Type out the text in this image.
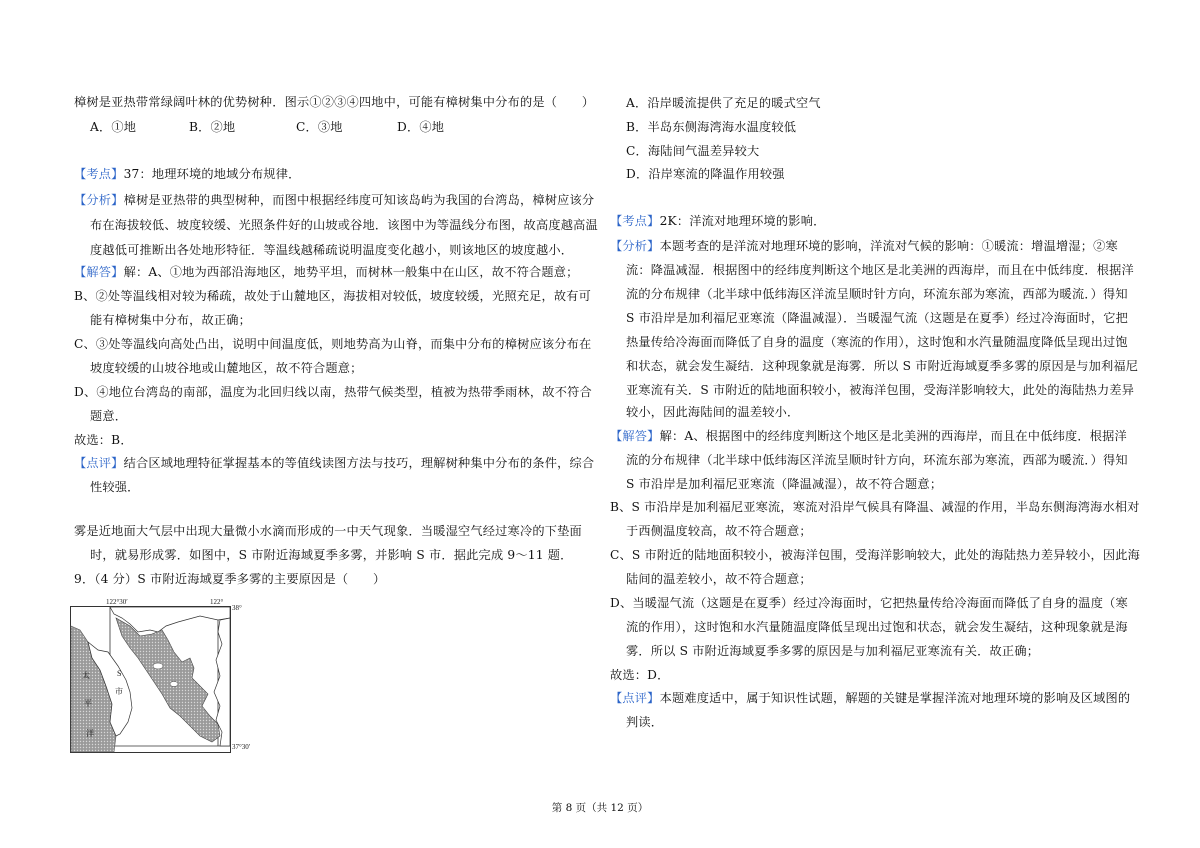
樟树是亚热带常绿阔叶林的优势树种．图示①②③④四地中，可能有樟树集中分布的是（　　）
A．①地	B．②地	C．③地	D．④地
【考点】37：地理环境的地域分布规律．
【分析】樟树是亚热带的典型树种，而图中根据经纬度可知该岛屿为我国的台湾岛，樟树应该分
布在海拔较低、坡度较缓、光照条件好的山坡或谷地．该图中为等温线分布图，故高度越高温
度越低可推断出各处地形特征．等温线越稀疏说明温度变化越小，则该地区的坡度越小．
【解答】解：A、①地为西部沿海地区，地势平坦，而树林一般集中在山区，故不符合题意；
B、②处等温线相对较为稀疏，故处于山麓地区，海拔相对较低，坡度较缓，光照充足，故有可
能有樟树集中分布，故正确；
C、③处等温线向高处凸出，说明中间温度低，则地势高为山脊，而集中分布的樟树应该分布在
坡度较缓的山坡谷地或山麓地区，故不符合题意；
D、④地位台湾岛的南部，温度为北回归线以南，热带气候类型，植被为热带季雨林，故不符合
题意．
故选：B．
【点评】结合区域地理特征掌握基本的等值线读图方法与技巧，理解树种集中分布的条件，综合
性较强．
雾是近地面大气层中出现大量微小水滴而形成的一中天气现象．当暖湿空气经过寒冷的下垫面
时，就易形成雾．如图中，S 市附近海域夏季多雾，并影响 S 市．据此完成 9～11 题．
9．（4 分）S 市附近海域夏季多雾的主要原因是（　　）
122°30′	122°
38°
37°30′
S
市
太
平
洋
A．沿岸暖流提供了充足的暖式空气
B．半岛东侧海湾海水温度较低
C．海陆间气温差异较大
D．沿岸寒流的降温作用较强
【考点】2K：洋流对地理环境的影响．
【分析】本题考查的是洋流对地理环境的影响，洋流对气候的影响：①暖流：增温增湿；②寒
流：降温减湿．根据图中的经纬度判断这个地区是北美洲的西海岸，而且在中低纬度．根据洋
流的分布规律（北半球中低纬海区洋流呈顺时针方向，环流东部为寒流，西部为暖流．）得知
S 市沿岸是加利福尼亚寒流（降温减湿）．当暖湿气流（这题是在夏季）经过冷海面时，它把
热量传给冷海面而降低了自身的温度（寒流的作用），这时饱和水汽量随温度降低呈现出过饱
和状态，就会发生凝结．这种现象就是海雾．所以 S 市附近海域夏季多雾的原因是与加利福尼
亚寒流有关．S 市附近的陆地面积较小，被海洋包围，受海洋影响较大，此处的海陆热力差异
较小，因此海陆间的温差较小．
【解答】解：A、根据图中的经纬度判断这个地区是北美洲的西海岸，而且在中低纬度．根据洋
流的分布规律（北半球中低纬海区洋流呈顺时针方向，环流东部为寒流，西部为暖流．）得知
S 市沿岸是加利福尼亚寒流（降温减湿），故不符合题意；
B、S 市沿岸是加利福尼亚寒流，寒流对沿岸气候具有降温、减湿的作用，半岛东侧海湾海水相对
于西侧温度较高，故不符合题意；
C、S 市附近的陆地面积较小，被海洋包围，受海洋影响较大，此处的海陆热力差异较小，因此海
陆间的温差较小，故不符合题意；
D、当暖湿气流（这题是在夏季）经过冷海面时，它把热量传给冷海面而降低了自身的温度（寒
流的作用），这时饱和水汽量随温度降低呈现出过饱和状态，就会发生凝结，这种现象就是海
雾．所以 S 市附近海域夏季多雾的原因是与加利福尼亚寒流有关．故正确；
故选：D．
【点评】本题难度适中，属于知识性试题，解题的关键是掌握洋流对地理环境的影响及区域图的
判读．
第 8 页（共 12 页）
